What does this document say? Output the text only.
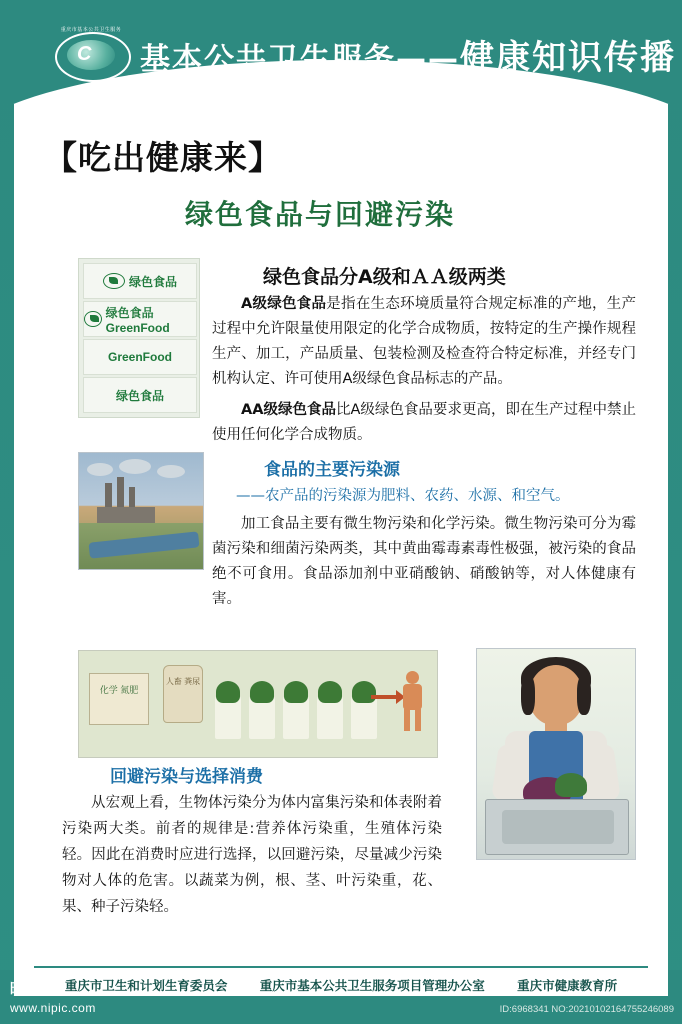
重庆市基本公共卫生服务
C 基本公共卫生服务——健康知识传播
【吃出健康来】
绿色食品与回避污染
绿色食品
绿色食品 GreenFood
GreenFood
绿色食品
绿色食品分A级和ＡＡ级两类

A级绿色食品是指在生态环境质量符合规定标准的产地，生产过程中允许限量使用限定的化学合成物质，按特定的生产操作规程生产、加工，产品质量、包装检测及检查符合特定标准，并经专门机构认定、许可使用A级绿色食品标志的产品。

AA级绿色食品比A级绿色食品要求更高，即在生产过程中禁止使用任何化学合成物质。

食品的主要污染源
——农产品的污染源为肥料、农药、水源、和空气。

加工食品主要有微生物污染和化学污染。微生物污染可分为霉菌污染和细菌污染两类，其中黄曲霉毒素毒性极强，被污染的食品绝不可食用。食品添加剂中亚硝酸钠、硝酸钠等，对人体健康有害。

化学 氮肥
人畜 粪尿
回避污染与选择消费

从宏观上看，生物体污染分为体内富集污染和体表附着污染两大类。前者的规律是:营养体污染重，生殖体污染轻。因此在消费时应进行选择，以回避污染，尽量减少污染物对人体的危害。以蔬菜为例，根、茎、叶污染重，花、果、种子污染轻。

重庆市卫生和计划生育委员会	重庆市基本公共卫生服务项目管理办公室	重庆市健康教育所
昵图网
www.nipic.com	ID:6968341 NO:20210102164755246089
